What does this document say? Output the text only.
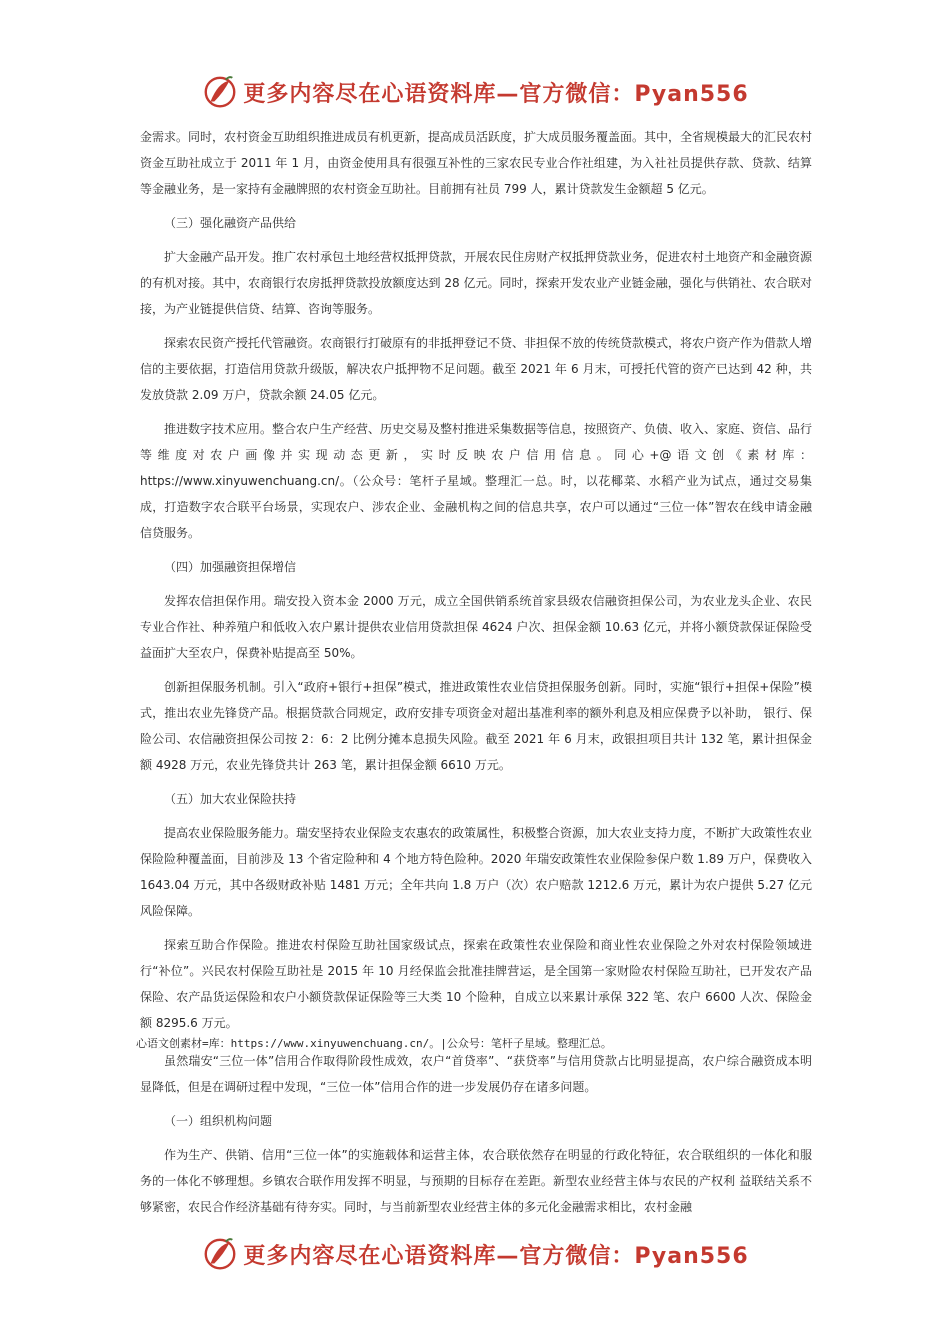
更多内容尽在心语资料库—官方微信：Pyan556

金需求。同时，农村资金互助组织推进成员有机更新，提高成员活跃度，扩大成员服务覆盖面。其中，全省规模最大的汇民农村资金互助社成立于 2011 年 1 月，由资金使用具有很强互补性的三家农民专业合作社组建，为入社社员提供存款、贷款、结算等金融业务，是一家持有金融牌照的农村资金互助社。目前拥有社员 799 人，累计贷款发生金额超 5 亿元。

（三）强化融资产品供给

扩大金融产品开发。推广农村承包土地经营权抵押贷款，开展农民住房财产权抵押贷款业务，促进农村土地资产和金融资源的有机对接。其中，农商银行农房抵押贷款投放额度达到 28 亿元。同时，探索开发农业产业链金融，强化与供销社、农合联对接，为产业链提供信贷、结算、咨询等服务。

探索农民资产授托代管融资。农商银行打破原有的非抵押登记不贷、非担保不放的传统贷款模式，将农户资产作为借款人增信的主要依据，打造信用贷款升级版，解决农户抵押物不足问题。截至 2021 年 6 月末，可授托代管的资产已达到 42 种，共发放贷款 2.09 万户，贷款余额 24.05 亿元。

推进数字技术应用。整合农户生产经营、历史交易及整村推进采集数据等信息，按照资产、负债、收入、家庭、资信、品行等维度对农户画像并实现动态更新，实时反映农户信用信息。同心+@语文创《素材库：https://www.xinyuwenchuang.cn/。（公众号：笔杆子星域。整理汇一总。时，以花椰菜、水稻产业为试点，通过交易集成，打造数字农合联平台场景，实现农户、涉农企业、金融机构之间的信息共享，农户可以通过“三位一体”智农在线申请金融信贷服务。

（四）加强融资担保增信

发挥农信担保作用。瑞安投入资本金 2000 万元，成立全国供销系统首家县级农信融资担保公司，为农业龙头企业、农民专业合作社、种养殖户和低收入农户累计提供农业信用贷款担保 4624 户次、担保金额 10.63 亿元，并将小额贷款保证保险受益面扩大至农户，保费补贴提高至 50%。

创新担保服务机制。引入“政府+银行+担保”模式，推进政策性农业信贷担保服务创新。同时，实施“银行+担保+保险”模式，推出农业先锋贷产品。根据贷款合同规定，政府安排专项资金对超出基准利率的额外利息及相应保费予以补助， 银行、保险公司、农信融资担保公司按 2：6：2 比例分摊本息损失风险。截至 2021 年 6 月末，政银担项目共计 132 笔，累计担保金额 4928 万元，农业先锋贷共计 263 笔，累计担保金额 6610 万元。

（五）加大农业保险扶持

提高农业保险服务能力。瑞安坚持农业保险支农惠农的政策属性，积极整合资源，加大农业支持力度，不断扩大政策性农业保险险种覆盖面，目前涉及 13 个省定险种和 4 个地方特色险种。2020 年瑞安政策性农业保险参保户数 1.89 万户，保费收入 1643.04 万元，其中各级财政补贴 1481 万元；全年共向 1.8 万户（次）农户赔款 1212.6 万元，累计为农户提供 5.27 亿元风险保障。

探索互助合作保险。推进农村保险互助社国家级试点，探索在政策性农业保险和商业性农业保险之外对农村保险领域进行“补位”。兴民农村保险互助社是 2015 年 10 月经保监会批准挂牌营运，是全国第一家财险农村保险互助社，已开发农产品保险、农产品货运保险和农户小额贷款保证保险等三大类 10 个险种，自成立以来累计承保 322 笔、农户 6600 人次、保险金额 8295.6 万元。

心语文创素材=库：https://www.xinyuwenchuang.cn/。|公众号：笔杆子星域。整理汇总。

虽然瑞安“三位一体”信用合作取得阶段性成效，农户“首贷率”、“获贷率”与信用贷款占比明显提高，农户综合融资成本明显降低，但是在调研过程中发现，“三位一体”信用合作的进一步发展仍存在诸多问题。

（一）组织机构问题

作为生产、供销、信用“三位一体”的实施载体和运营主体，农合联依然存在明显的行政化特征，农合联组织的一体化和服务的一体化不够理想。乡镇农合联作用发挥不明显，与预期的目标存在差距。新型农业经营主体与农民的产权利 益联结关系不够紧密，农民合作经济基础有待夯实。同时，与当前新型农业经营主体的多元化金融需求相比，农村金融

更多内容尽在心语资料库—官方微信：Pyan556
